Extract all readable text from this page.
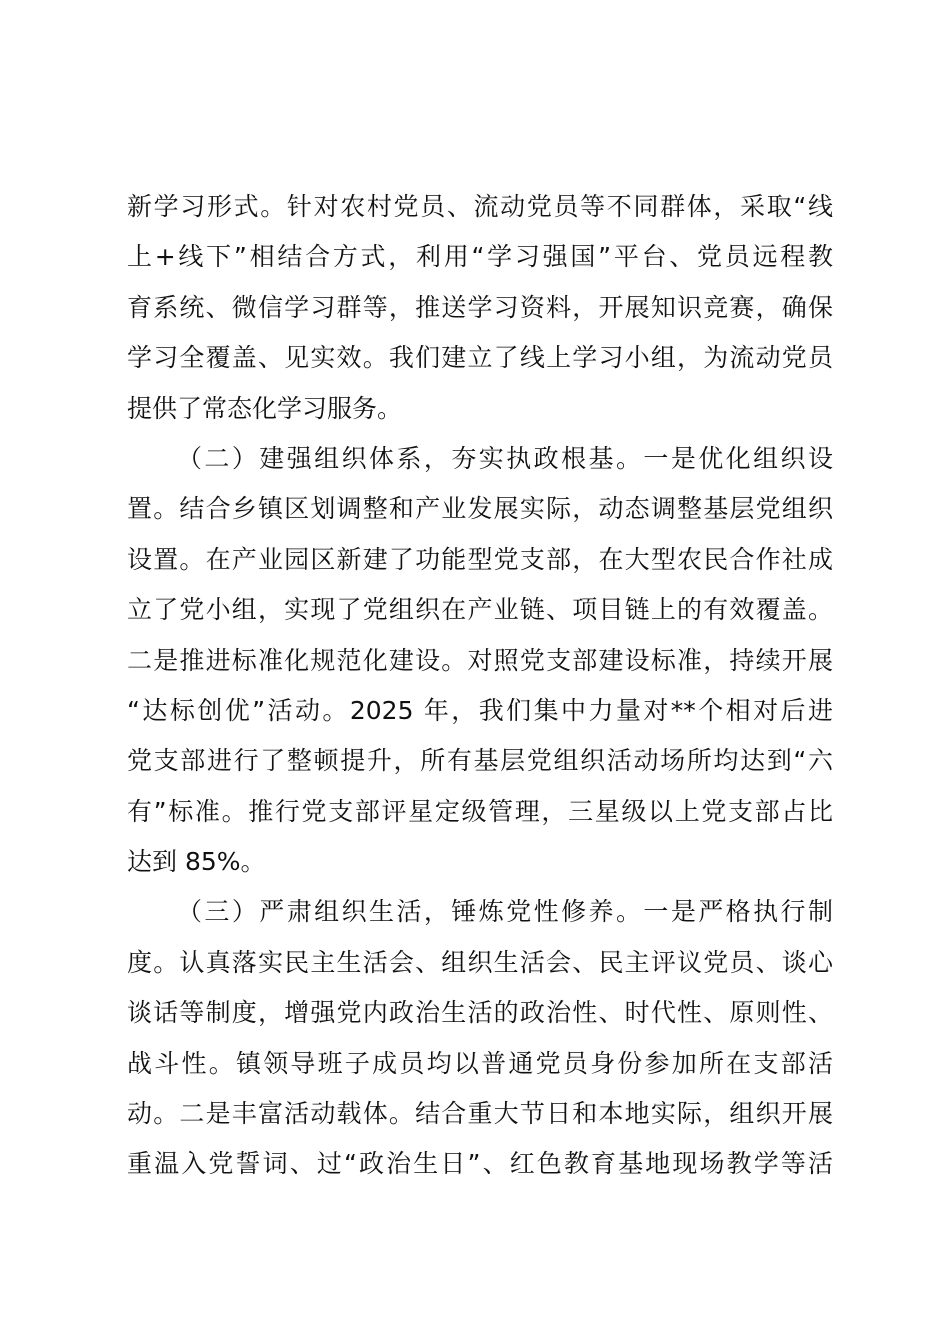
新学习形式。针对农村党员、流动党员等不同群体，采取“线
上+线下”相结合方式，利用“学习强国”平台、党员远程教
育系统、微信学习群等，推送学习资料，开展知识竞赛，确保
学习全覆盖、见实效。我们建立了线上学习小组，为流动党员
提供了常态化学习服务。
（二）建强组织体系，夯实执政根基。一是优化组织设
置。结合乡镇区划调整和产业发展实际，动态调整基层党组织
设置。在产业园区新建了功能型党支部，在大型农民合作社成
立了党小组，实现了党组织在产业链、项目链上的有效覆盖。
二是推进标准化规范化建设。对照党支部建设标准，持续开展
“达标创优”活动。2025 年，我们集中力量对**个相对后进
党支部进行了整顿提升，所有基层党组织活动场所均达到“六
有”标准。推行党支部评星定级管理，三星级以上党支部占比
达到 85%。
（三）严肃组织生活，锤炼党性修养。一是严格执行制
度。认真落实民主生活会、组织生活会、民主评议党员、谈心
谈话等制度，增强党内政治生活的政治性、时代性、原则性、
战斗性。镇领导班子成员均以普通党员身份参加所在支部活
动。二是丰富活动载体。结合重大节日和本地实际，组织开展
重温入党誓词、过“政治生日”、红色教育基地现场教学等活
